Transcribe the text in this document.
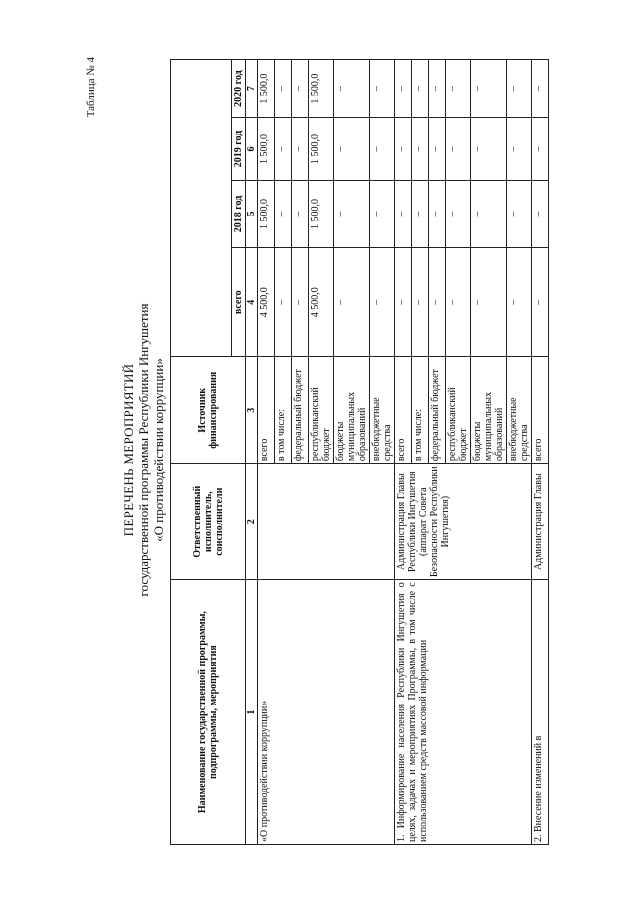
Таблица № 4
ПЕРЕЧЕНЬ МЕРОПРИЯТИЙ государственной программы Республики Ингушетия «О противодействии коррупции»
Наименование государственной программы, подпрограммы, мероприятия	Ответственный исполнитель, соисполнители	Источник финансирования				
			всего	2018 год	2019 год	2020 год
1	2	3	4	5	6	7
«О противодействии коррупции»		всего	4 500,0	1 500,0	1 500,0	1 500,0
		в том числе:	–	–	–	–
		федеральный бюджет	–	–	–	–
		республиканский бюджет	4 500,0	1 500,0	1 500,0	1 500,0
		бюджеты муниципальных образований	–	–	–	–
		внебюджетные средства	–	–	–	–
1. Информирование населения Республики Ингушетия о целях, задачах и мероприятиях Программы, в том числе с использованием средств массовой информации	Администрация Главы Республики Ингушетия (аппарат Совета Безопасности Республики Ингушетия)	всего	–	–	–	–
		в том числе:	–	–	–	–
		федеральный бюджет	–	–	–	–
		республиканский бюджет	–	–	–	–
		бюджеты муниципальных образований	–	–	–	–
		внебюджетные средства	–	–	–	–
2. Внесение изменений в	Администрация Главы	всего	–	–	–	–
